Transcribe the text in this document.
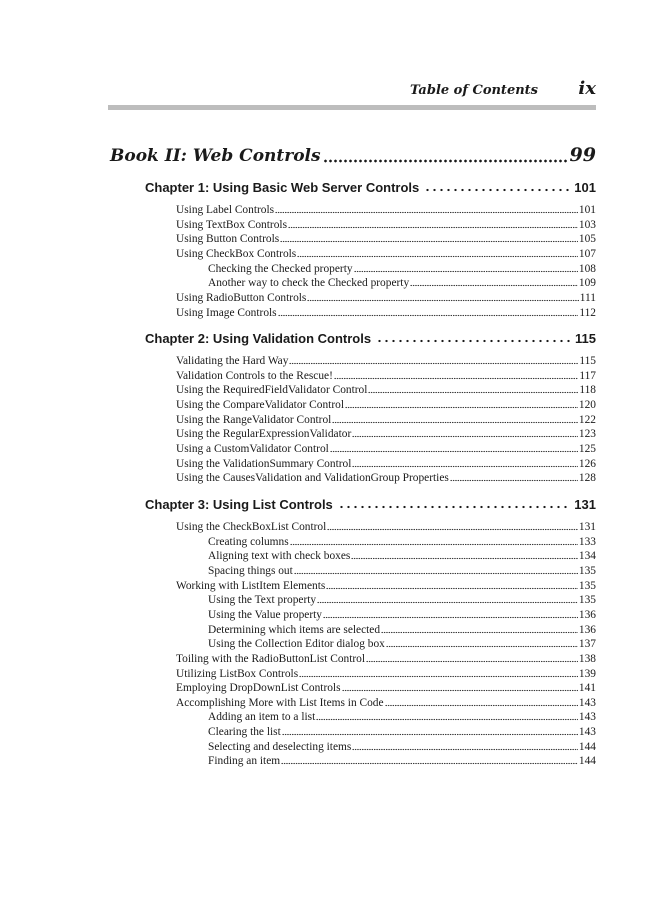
Table of Contents ix
Book II: Web Controls	99
Chapter 1: Using Basic Web Server Controls	101
Using Label Controls	101
Using TextBox Controls	103
Using Button Controls	105
Using CheckBox Controls	107
Checking the Checked property	108
Another way to check the Checked property	109
Using RadioButton Controls	111
Using Image Controls	112
Chapter 2: Using Validation Controls	115
Validating the Hard Way	115
Validation Controls to the Rescue!	117
Using the RequiredFieldValidator Control	118
Using the CompareValidator Control	120
Using the RangeValidator Control	122
Using the RegularExpressionValidator	123
Using a CustomValidator Control	125
Using the ValidationSummary Control	126
Using the CausesValidation and ValidationGroup Properties	128
Chapter 3: Using List Controls	131
Using the CheckBoxList Control	131
Creating columns	133
Aligning text with check boxes	134
Spacing things out	135
Working with ListItem Elements	135
Using the Text property	135
Using the Value property	136
Determining which items are selected	136
Using the Collection Editor dialog box	137
Toiling with the RadioButtonList Control	138
Utilizing ListBox Controls	139
Employing DropDownList Controls	141
Accomplishing More with List Items in Code	143
Adding an item to a list	143
Clearing the list	143
Selecting and deselecting items	144
Finding an item	144
